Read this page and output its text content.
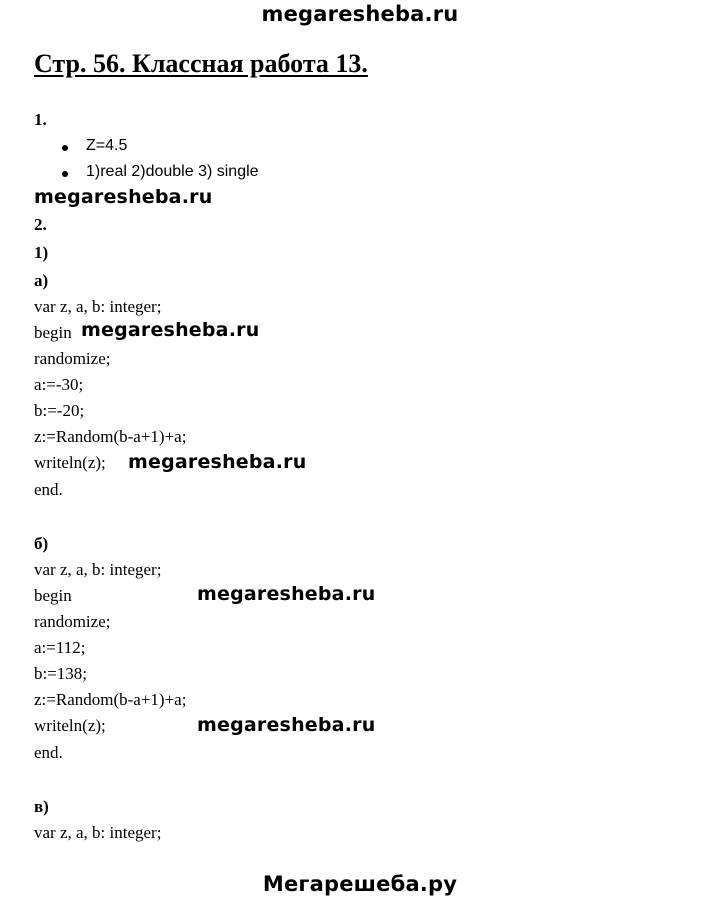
megaresheba.ru
Стр. 56. Классная работа 13.
1.
Z=4.5
1)real 2)double 3) single
megaresheba.ru
2.
1)
а)
var z, a, b: integer;
begin megaresheba.ru
randomize;
a:=-30;
b:=-20;
z:=Random(b-a+1)+a;
writeln(z); megaresheba.ru
end.
б)
var z, a, b: integer;
begin	megaresheba.ru
randomize;
a:=112;
b:=138;
z:=Random(b-a+1)+a;
writeln(z);	megaresheba.ru
end.
в)
var z, a, b: integer;
Мегарешеба.ру
